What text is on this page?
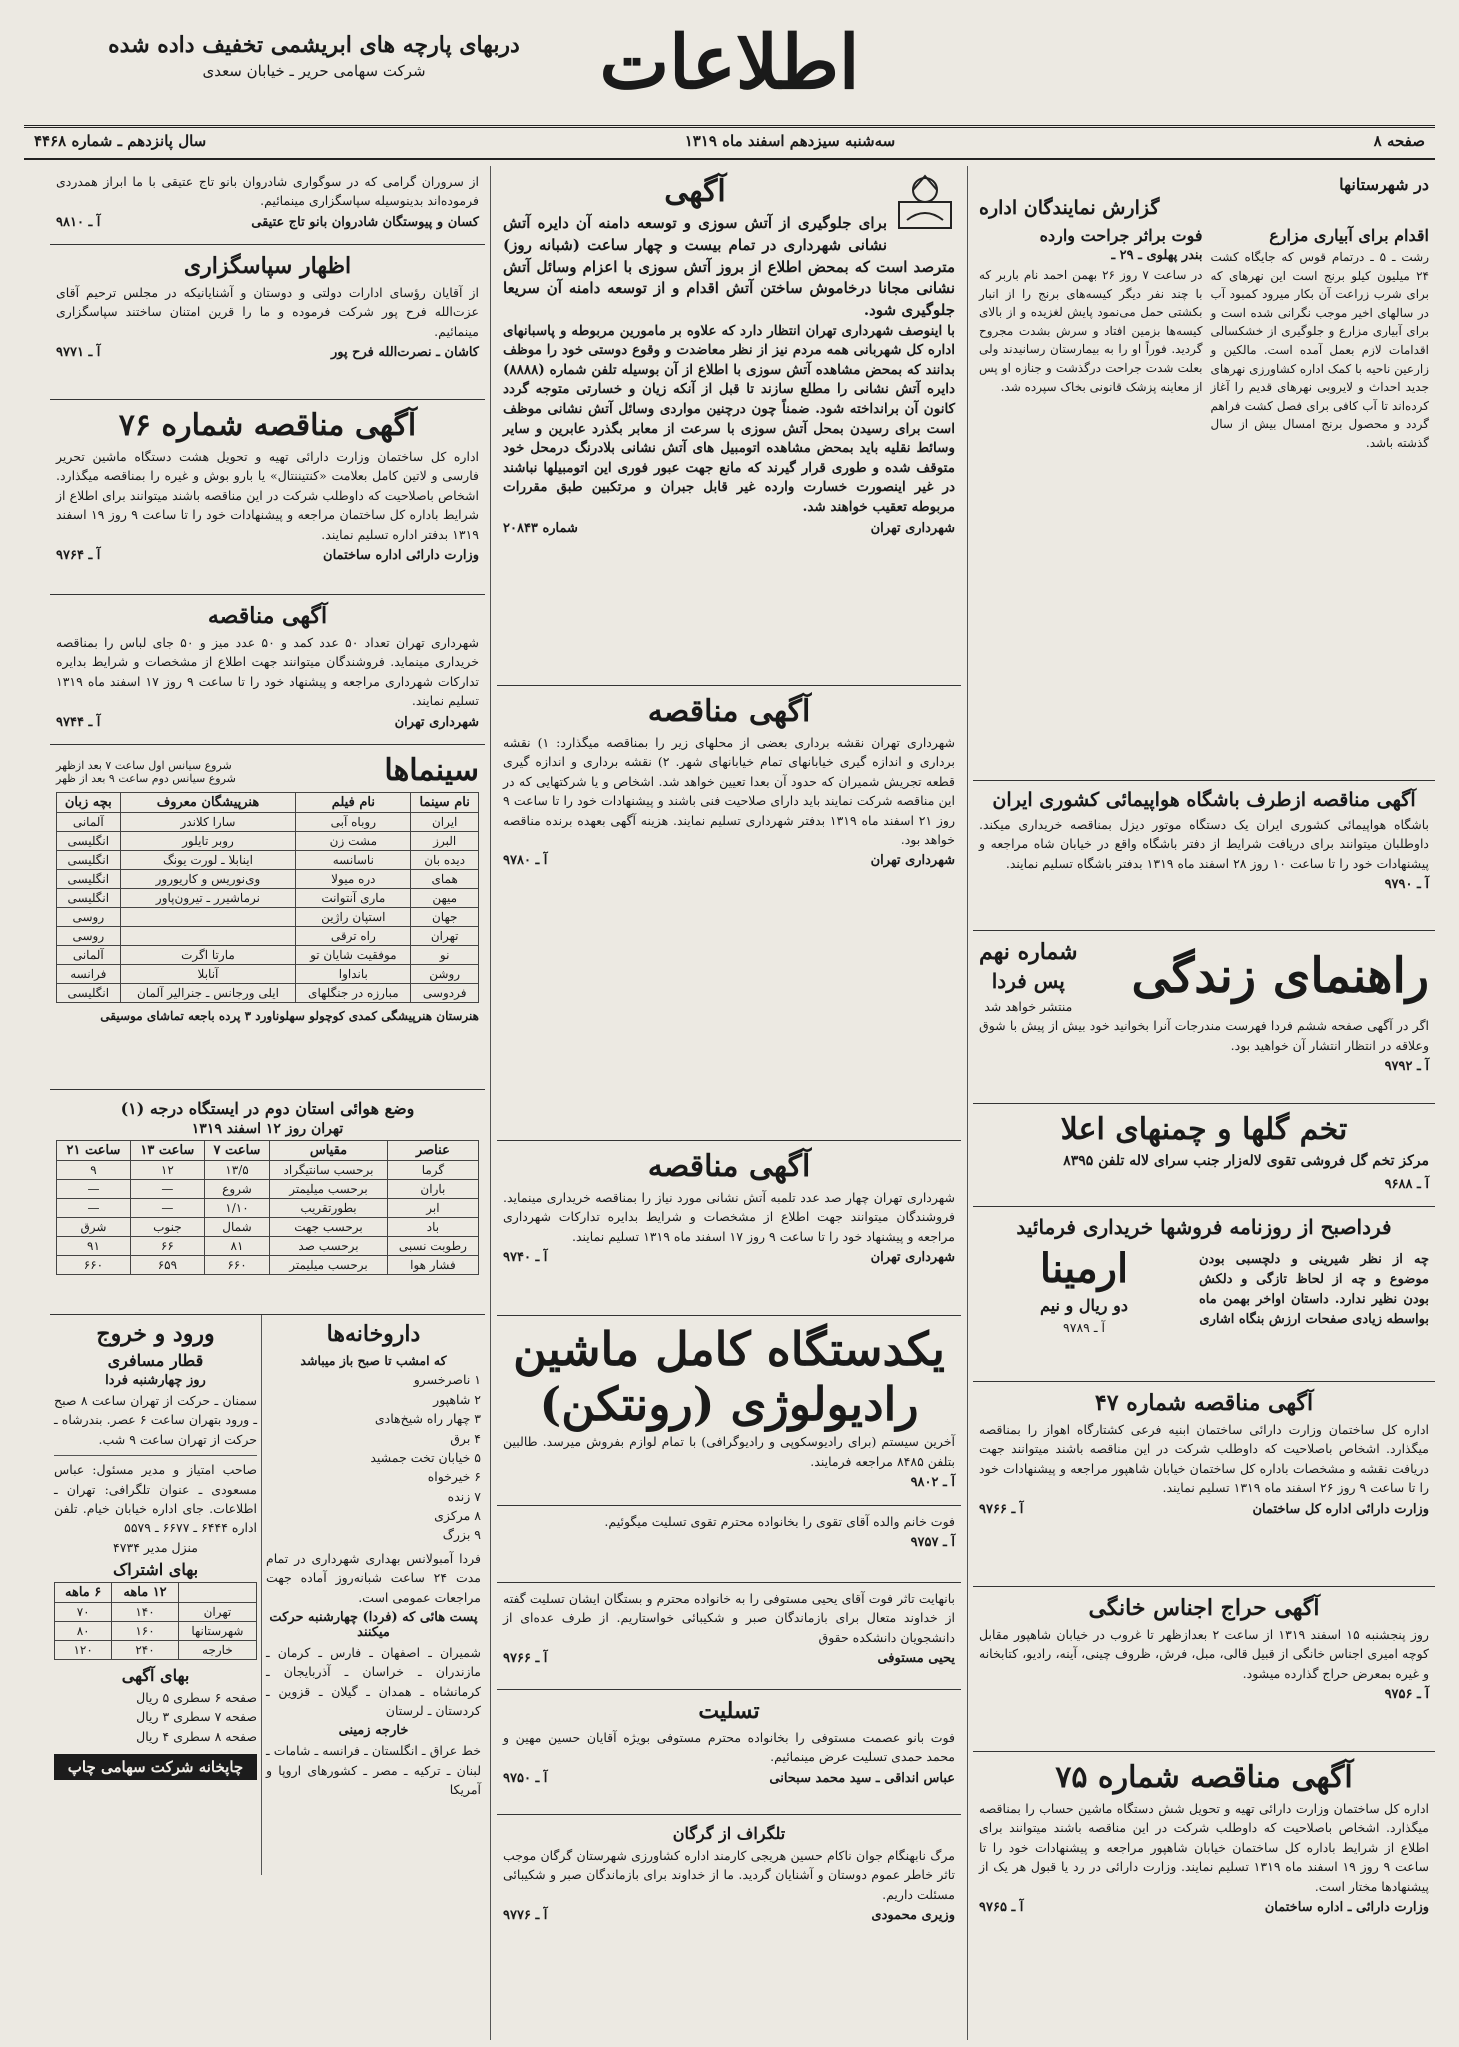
اطلاعات
دربهای پارچه های ابریشمی تخفیف داده شده
شرکت سهامی حریر ـ خیابان سعدی
صفحه ۸
سه‌شنبه سیزدهم اسفند ماه ۱۳۱۹
سال پانزدهم ـ شماره ۴۴۶۸
در شهرستانها
گزارش نمایندگان اداره
اقدام برای آبیاری مزارع

رشت ـ ۵ ـ درتمام قوس که جایگاه کشت ۲۴ میلیون کیلو برنج است این نهرهای که برای شرب زراعت آن بکار میرود کمبود آب در سالهای اخیر موجب نگرانی شده است و برای آبیاری مزارع و جلوگیری از خشکسالی اقدامات لازم بعمل آمده است. مالکین و زارعین ناحیه با کمک اداره کشاورزی نهرهای جدید احداث و لایروبی نهرهای قدیم را آغاز کرده‌اند تا آب کافی برای فصل کشت فراهم گردد و محصول برنج امسال بیش از سال گذشته باشد.

فوت براثر جراحت وارده
بندر پهلوی ـ ۲۹ ـ

در ساعت ۷ روز ۲۶ بهمن احمد نام باربر که با چند نفر دیگر کیسه‌های برنج را از انبار بکشتی حمل می‌نمود پایش لغزیده و از بالای کیسه‌ها بزمین افتاد و سرش بشدت مجروح گردید. فوراً او را به بیمارستان رسانیدند ولی بعلت شدت جراحت درگذشت و جنازه او پس از معاینه پزشک قانونی بخاک سپرده شد.

آگهی مناقصه ازطرف باشگاه هواپیمائی کشوری ایران

باشگاه هواپیمائی کشوری ایران یک دستگاه موتور دیزل بمناقصه خریداری میکند. داوطلبان میتوانند برای دریافت شرایط از دفتر باشگاه واقع در خیابان شاه مراجعه و پیشنهادات خود را تا ساعت ۱۰ روز ۲۸ اسفند ماه ۱۳۱۹ بدفتر باشگاه تسلیم نمایند.

آ ـ ۹۷۹۰
راهنمای زندگی
شماره نهم
پس فردا
منتشر خواهد شد

اگر در آگهی صفحه ششم فردا فهرست مندرجات آنرا بخوانید خود بیش از پیش با شوق وعلاقه در انتظار انتشار آن خواهید بود.

آ ـ ۹۷۹۲
تخم گلها و چمنهای اعلا

مرکز تخم گل فروشی تقوی لاله‌زار جنب سرای لاله تلفن ۸۳۹۵

آ ـ ۹۶۸۸
فرداصبح از روزنامه فروشها خریداری فرمائید

چه از نظر شیرینی و دلچسبی بودن موضوع و چه از لحاظ تازگی و دلکش بودن نظیر ندارد. داستان اواخر بهمن ماه بواسطه زیادی صفحات ارزش بنگاه اشاری

ارمینا
دو ریال و نیم
آ ـ ۹۷۸۹
آگهی مناقصه شماره ۴۷

اداره کل ساختمان وزارت دارائی ساختمان ابنیه فرعی کشتارگاه اهواز را بمناقصه میگذارد. اشخاص باصلاحیت که داوطلب شرکت در این مناقصه باشند میتوانند جهت دریافت نقشه و مشخصات باداره کل ساختمان خیابان شاهپور مراجعه و پیشنهادات خود را تا ساعت ۹ روز ۲۶ اسفند ماه ۱۳۱۹ تسلیم نمایند.

وزارت دارائی اداره کل ساختمان
آ ـ ۹۷۶۶
آگهی حراج اجناس خانگی

روز پنجشنبه ۱۵ اسفند ۱۳۱۹ از ساعت ۲ بعدازظهر تا غروب در خیابان شاهپور مقابل کوچه امیری اجناس خانگی از قبیل قالی، مبل، فرش، ظروف چینی، آینه، رادیو، کتابخانه و غیره بمعرض حراج گذارده میشود.

آ ـ ۹۷۵۶
آگهی مناقصه شماره ۷۵

اداره کل ساختمان وزارت دارائی تهیه و تحویل شش دستگاه ماشین حساب را بمناقصه میگذارد. اشخاص باصلاحیت که داوطلب شرکت در این مناقصه باشند میتوانند برای اطلاع از شرایط باداره کل ساختمان خیابان شاهپور مراجعه و پیشنهادات خود را تا ساعت ۹ روز ۱۹ اسفند ماه ۱۳۱۹ تسلیم نمایند. وزارت دارائی در رد یا قبول هر یک از پیشنهادها مختار است.

وزارت دارائی ـ اداره ساختمان
آ ـ ۹۷۶۵
آگهی

برای جلوگیری از آتش سوزی و توسعه دامنه آن دایره آتش نشانی شهرداری در تمام بیست و چهار ساعت (شبانه روز) مترصد است که بمحض اطلاع از بروز آتش سوزی با اعزام وسائل آتش نشانی مجانا درخاموش ساختن آتش اقدام و از توسعه دامنه آن سریعا جلوگیری شود.

با اینوصف شهرداری تهران انتظار دارد که علاوه بر مامورین مربوطه و پاسبانهای اداره کل شهربانی همه مردم نیز از نظر معاضدت و وقوع دوستی خود را موظف بدانند که بمحض مشاهده آتش سوزی با اطلاع از آن بوسیله تلفن شماره (۸۸۸۸) دایره آتش نشانی را مطلع سازند تا قبل از آنکه زیان و خسارتی متوجه گردد کانون آن برانداخته شود. ضمناً چون درچنین مواردی وسائل آتش نشانی موظف است برای رسیدن بمحل آتش سوزی با سرعت از معابر بگذرد عابرین و سایر وسائط نقلیه باید بمحض مشاهده اتومبیل های آتش نشانی بلادرنگ درمحل خود متوقف شده و طوری قرار گیرند که مانع جهت عبور فوری این اتومبیلها نباشند در غیر اینصورت خسارت وارده غیر قابل جبران و مرتکبین طبق مقررات مربوطه تعقیب خواهند شد.

شهرداری تهران
شماره ۲۰۸۴۳
آگهی مناقصه

شهرداری تهران نقشه برداری بعضی از محلهای زیر را بمناقصه میگذارد: ۱) نقشه برداری و اندازه گیری خیابانهای تمام خیابانهای شهر. ۲) نقشه برداری و اندازه گیری قطعه تجریش شمیران که حدود آن بعدا تعیین خواهد شد. اشخاص و یا شرکتهایی که در این مناقصه شرکت نمایند باید دارای صلاحیت فنی باشند و پیشنهادات خود را تا ساعت ۹ روز ۲۱ اسفند ماه ۱۳۱۹ بدفتر شهرداری تسلیم نمایند. هزینه آگهی بعهده برنده مناقصه خواهد بود.

شهرداری تهران
آ ـ ۹۷۸۰
آگهی مناقصه

شهرداری تهران چهار صد عدد تلمبه آتش نشانی مورد نیاز را بمناقصه خریداری مینماید. فروشندگان میتوانند جهت اطلاع از مشخصات و شرایط بدایره تدارکات شهرداری مراجعه و پیشنهاد خود را تا ساعت ۹ روز ۱۷ اسفند ماه ۱۳۱۹ تسلیم نمایند.

شهرداری تهران
آ ـ ۹۷۴۰
یکدستگاه کامل ماشین
رادیولوژی (رونتکن)

آخرین سیستم (برای رادیوسکوپی و رادیوگرافی) با تمام لوازم بفروش میرسد. طالبین بتلفن ۸۴۸۵ مراجعه فرمایند.

آ ـ ۹۸۰۲

فوت خانم والده آقای تقوی را بخانواده محترم تقوی تسلیت میگوئیم.

آ ـ ۹۷۵۷

بانهایت تاثر فوت آقای یحیی مستوفی را به خانواده محترم و بستگان ایشان تسلیت گفته از خداوند متعال برای بازماندگان صبر و شکیبائی خواستاریم. از طرف عده‌ای از دانشجویان دانشکده حقوق

یحیی مستوفی
آ ـ ۹۷۶۶
تسلیت

فوت بانو عصمت مستوفی را بخانواده محترم مستوفی بویژه آقایان حسین مهین و محمد حمدی تسلیت عرض مینمائیم.

عباس انداقی ـ سید محمد سبحانی
آ ـ ۹۷۵۰
تلگراف از گرگان

مرگ نابهنگام جوان ناکام حسین هریجی کارمند اداره کشاورزی شهرستان گرگان موجب تاثر خاطر عموم دوستان و آشنایان گردید. ما از خداوند برای بازماندگان صبر و شکیبائی مسئلت داریم.

وزیری محمودی
آ ـ ۹۷۷۶

از سروران گرامی که در سوگواری شادروان بانو تاج عتیقی با ما ابراز همدردی فرموده‌اند بدینوسیله سپاسگزاری مینمائیم.

کسان و پیوستگان شادروان بانو تاج عتیقی
آ ـ ۹۸۱۰
اظهار سپاسگزاری

از آقایان رؤسای ادارات دولتی و دوستان و آشنایانیکه در مجلس ترحیم آقای عزت‌الله فرح پور شرکت فرموده و ما را قرین امتنان ساختند سپاسگزاری مینمائیم.

کاشان ـ نصرت‌الله فرح پور
آ ـ ۹۷۷۱
آگهی مناقصه شماره ۷۶

اداره کل ساختمان وزارت دارائی تهیه و تحویل هشت دستگاه ماشین تحریر فارسی و لاتین کامل بعلامت «کنتیننتال» یا بارو بوش و غیره را بمناقصه میگذارد. اشخاص باصلاحیت که داوطلب شرکت در این مناقصه باشند میتوانند برای اطلاع از شرایط باداره کل ساختمان مراجعه و پیشنهادات خود را تا ساعت ۹ روز ۱۹ اسفند ۱۳۱۹ بدفتر اداره تسلیم نمایند.

وزارت دارائی اداره ساختمان
آ ـ ۹۷۶۴
آگهی مناقصه

شهرداری تهران تعداد ۵۰ عدد کمد و ۵۰ عدد میز و ۵۰ جای لباس را بمناقصه خریداری مینماید. فروشندگان میتوانند جهت اطلاع از مشخصات و شرایط بدایره تدارکات شهرداری مراجعه و پیشنهاد خود را تا ساعت ۹ روز ۱۷ اسفند ماه ۱۳۱۹ تسلیم نمایند.

شهرداری تهران
آ ـ ۹۷۴۴
سینماها
شروع سیانس اول ساعت ۷ بعد ازظهر
شروع سیانس دوم ساعت ۹ بعد از ظهر
نام سینما	نام فیلم	هنرپیشگان معروف	بچه زبان
ایران	روباه آبی	سارا کلاندر	آلمانی
البرز	مشت زن	روبر تایلور	انگلیسی
دیده بان	ناسانسه	اینابلا ـ لورت یونگ	انگلیسی
همای	دره میولا	وی‌نوریس و کاریورور	انگلیسی
میهن	ماری آنتوانت	نرماشیرر ـ تیرون‌پاور	انگلیسی
جهان	استپان راژین		روسی
تهران	راه ترقی		روسی
نو	موفقیت شایان تو	مارتا اگرت	آلمانی
روشن	بانداوا	آنابلا	فرانسه
فردوسی	مبارزه در جنگلهای	ایلی ورجانس ـ جنرالیر آلمان	انگلیسی
هنرستان هنرپیشگی کمدی کوچولو سهلوناورد ۳ پرده باجعه تماشای موسیقی
وضع هوائی استان دوم در ایستگاه درجه (۱)
تهران روز ۱۲ اسفند ۱۳۱۹
عناصر	مقیاس	ساعت ۷	ساعت ۱۳	ساعت ۲۱
گرما	برحسب سانتیگراد	۱۳/۵	۱۲	۹
باران	برحسب میلیمتر	شروع	—	—
ابر	بطورتقریب	۱/۱۰	—	—
باد	برحسب جهت	شمال	جنوب	شرق
رطوبت نسبی	برحسب صد	۸۱	۶۶	۹۱
فشار هوا	برحسب میلیمتر	۶۶۰	۶۵۹	۶۶۰
داروخانه‌ها
که امشب تا صبح باز میباشد
۱ ناصرخسرو
۲ شاهپور
۳ چهار راه شیخ‌هادی
۴ برق
۵ خیابان تخت جمشید
۶ خیرخواه
۷ زنده
۸ مرکزی
۹ بزرگ

فردا آمبولانس بهداری شهرداری در تمام مدت ۲۴ ساعت شبانه‌روز آماده جهت مراجعات عمومی است.

پست هائی که (فردا) چهارشنبه حرکت میکنند

شمیران ـ اصفهان ـ فارس ـ کرمان ـ مازندران ـ خراسان ـ آذربایجان ـ کرمانشاه ـ همدان ـ گیلان ـ قزوین ـ کردستان ـ لرستان

خارجه زمینی

خط عراق ـ انگلستان ـ فرانسه ـ شامات ـ لبنان ـ ترکیه ـ مصر ـ کشورهای اروپا و آمریکا

ورود و خروج
قطار مسافری
روز چهارشنبه فردا

سمنان ـ حرکت از تهران ساعت ۸ صبح ـ ورود بتهران ساعت ۶ عصر. بندرشاه ـ حرکت از تهران ساعت ۹ شب.

صاحب امتیاز و مدیر مسئول: عباس مسعودی ـ عنوان تلگرافی: تهران ـ اطلاعات. جای اداره خیابان خیام. تلفن اداره ۶۴۴۴ ـ ۶۶۷۷ ـ ۵۵۷۹

منزل مدیر ۴۷۳۴
بهای اشتراک
	۱۲ ماهه	۶ ماهه
تهران	۱۴۰	۷۰
شهرستانها	۱۶۰	۸۰
خارجه	۲۴۰	۱۲۰
بهای آگهی
صفحه ۶ سطری ۵ ریال
صفحه ۷ سطری ۳ ریال
صفحه ۸ سطری ۴ ریال
چاپخانه شرکت سهامی چاپ
